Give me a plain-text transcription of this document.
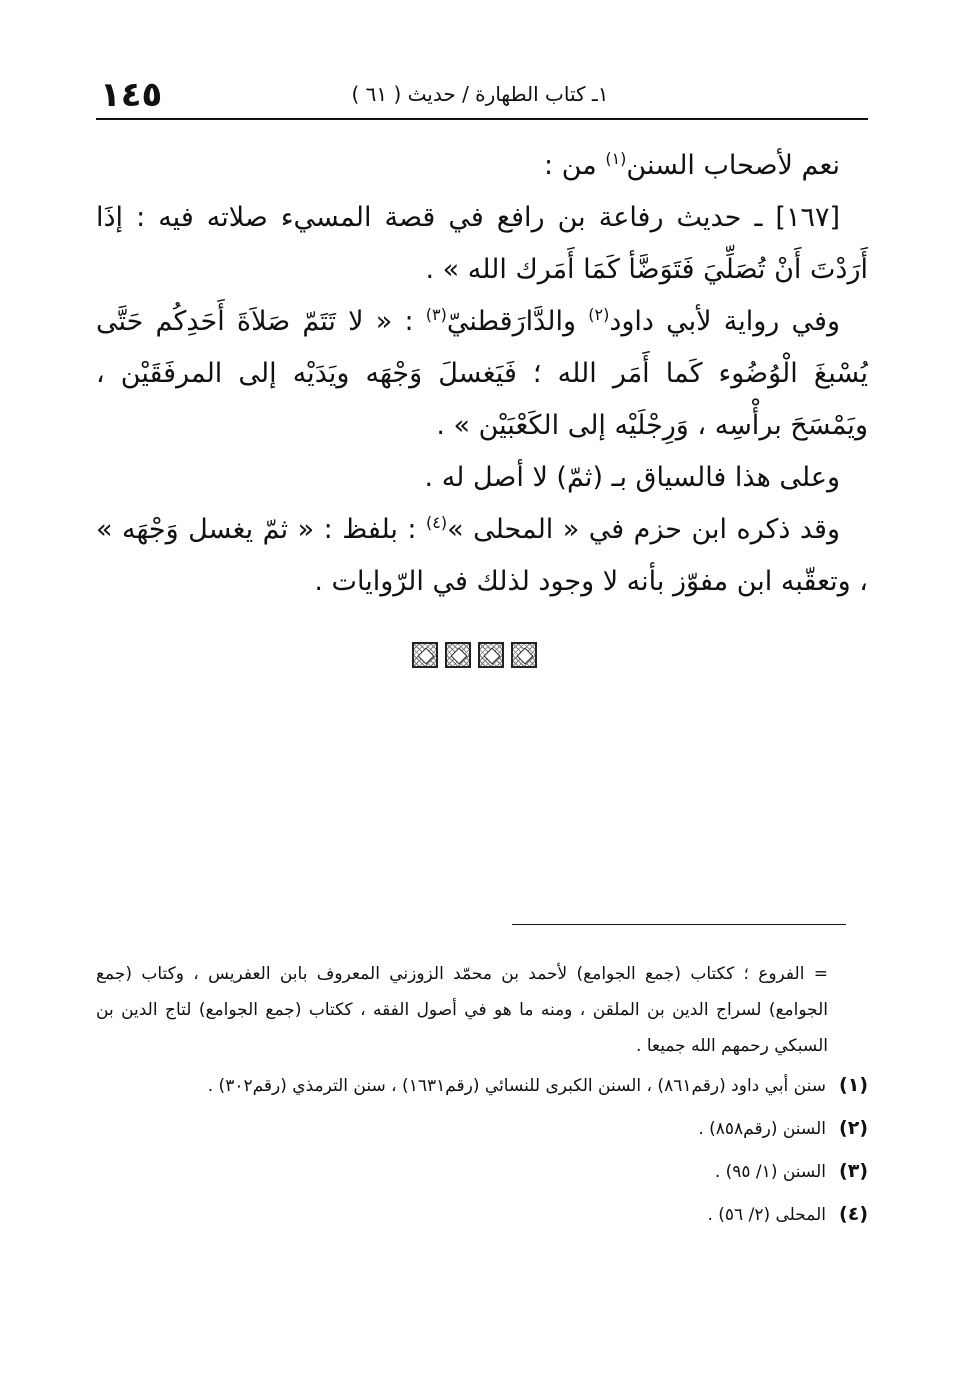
١٤٥	١ـ كتاب الطهارة / حديث ( ٦١ )

نعم لأصحاب السنن$^{(١)}$ من :

[١٦٧] ـ حديث رفاعة بن رافع في قصة المسيء صلاته فيه : إذَا أَرَدْتَ أَنْ تُصَلِّيَ فَتَوَضَّأ كَمَا أَمَرك الله » .

وفي رواية لأبي داود$^{(٢)}$ والدَّارَقطنيّ$^{(٣)}$ : « لا تَتَمّ صَلاَةَ أَحَدِكُم حَتَّى يُسْبغَ الْوُضُوء كَما أَمَر الله ؛ فَيَغسلَ وَجْهَه ويَدَيْه إلى المرفَقَيْن ، ويَمْسَحَ برأْسِه ، وَرِجْلَيْه إلى الكَعْبَيْن » .

وعلى هذا فالسياق بـ (ثمّ) لا أصل له .

وقد ذكره ابن حزم في « المحلى »$^{(٤)}$ : بلفظ : « ثمّ يغسل وَجْهَه » ، وتعقّبه ابن مفوّز بأنه لا وجود لذلك في الرّوايات .

= الفروع ؛ ككتاب (جمع الجوامع) لأحمد بن محمّد الزوزني المعروف بابن العفريس ، وكتاب (جمع الجوامع) لسراج الدين بن الملقن ، ومنه ما هو في أصول الفقه ، ككتاب (جمع الجوامع) لتاج الدين بن السبكي رحمهم الله جميعا .

(١)
سنن أبي داود (رقم٨٦١) ، السنن الكبرى للنسائي (رقم١٦٣١) ، سنن الترمذي (رقم٣٠٢) .
(٢)
السنن (رقم٨٥٨) .
(٣)
السنن (١/ ٩٥) .
(٤)
المحلى (٢/ ٥٦) .
